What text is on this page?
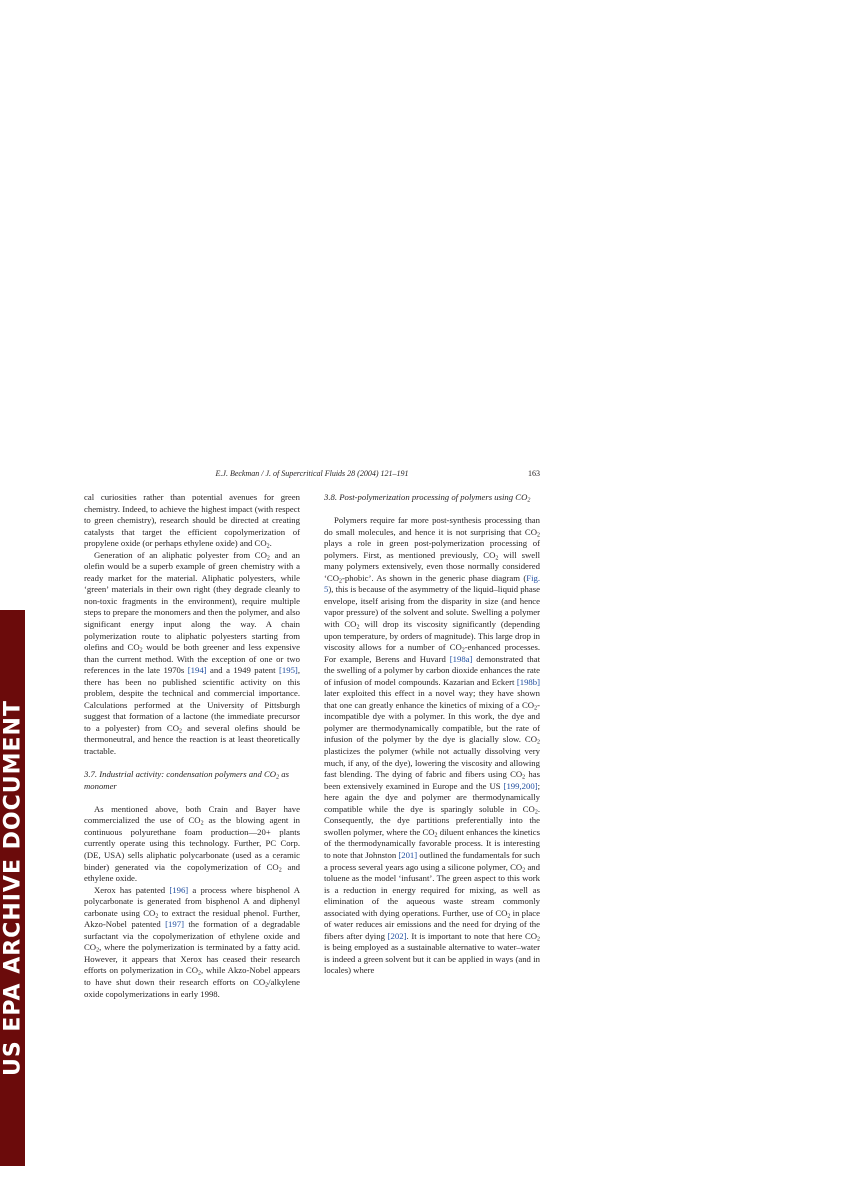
US EPA ARCHIVE DOCUMENT
E.J. Beckman / J. of Supercritical Fluids 28 (2004) 121–191	163

cal curiosities rather than potential avenues for green chemistry. Indeed, to achieve the highest impact (with respect to green chemistry), research should be directed at creating catalysts that target the efficient copolymerization of propylene oxide (or perhaps ethylene oxide) and $CO_2$.

Generation of an aliphatic polyester from $CO_2$ and an olefin would be a superb example of green chemistry with a ready market for the material. Aliphatic polyesters, while ‘green’ materials in their own right (they degrade cleanly to non-toxic fragments in the environment), require multiple steps to prepare the monomers and then the polymer, and also significant energy input along the way. A chain polymerization route to aliphatic polyesters starting from olefins and $CO_2$ would be both greener and less expensive than the current method. With the exception of one or two references in the late 1970s [194] and a 1949 patent [195], there has been no published scientific activity on this problem, despite the technical and commercial importance. Calculations performed at the University of Pittsburgh suggest that formation of a lactone (the immediate precursor to a polyester) from $CO_2$ and several olefins should be thermoneutral, and hence the reaction is at least theoretically tractable.

3.7. Industrial activity: condensation polymers and $CO_2$ as monomer

As mentioned above, both Crain and Bayer have commercialized the use of $CO_2$ as the blowing agent in continuous polyurethane foam production—20+ plants currently operate using this technology. Further, PC Corp. (DE, USA) sells aliphatic polycarbonate (used as a ceramic binder) generated via the copolymerization of $CO_2$ and ethylene oxide.

Xerox has patented [196] a process where bisphenol A polycarbonate is generated from bisphenol A and diphenyl carbonate using $CO_2$ to extract the residual phenol. Further, Akzo-Nobel patented [197] the formation of a degradable surfactant via the copolymerization of ethylene oxide and $CO_2$, where the polymerization is terminated by a fatty acid. However, it appears that Xerox has ceased their research efforts on polymerization in $CO_2$, while Akzo-Nobel appears to have shut down their research efforts on $CO_2$/alkylene oxide copolymerizations in early 1998.

3.8. Post-polymerization processing of polymers using $CO_2$

Polymers require far more post-synthesis processing than do small molecules, and hence it is not surprising that $CO_2$ plays a role in green post-polymerization processing of polymers. First, as mentioned previously, $CO_2$ will swell many polymers extensively, even those normally considered ‘$CO_2$-phobic’. As shown in the generic phase diagram (Fig. 5), this is because of the asymmetry of the liquid–liquid phase envelope, itself arising from the disparity in size (and hence vapor pressure) of the solvent and solute. Swelling a polymer with $CO_2$ will drop its viscosity significantly (depending upon temperature, by orders of magnitude). This large drop in viscosity allows for a number of $CO_2$-enhanced processes. For example, Berens and Huvard [198a] demonstrated that the swelling of a polymer by carbon dioxide enhances the rate of infusion of model compounds. Kazarian and Eckert [198b] later exploited this effect in a novel way; they have shown that one can greatly enhance the kinetics of mixing of a $CO_2$-incompatible dye with a polymer. In this work, the dye and polymer are thermodynamically compatible, but the rate of infusion of the polymer by the dye is glacially slow. $CO_2$ plasticizes the polymer (while not actually dissolving very much, if any, of the dye), lowering the viscosity and allowing fast blending. The dying of fabric and fibers using $CO_2$ has been extensively examined in Europe and the US [199,200]; here again the dye and polymer are thermodynamically compatible while the dye is sparingly soluble in $CO_2$. Consequently, the dye partitions preferentially into the swollen polymer, where the $CO_2$ diluent enhances the kinetics of the thermodynamically favorable process. It is interesting to note that Johnston [201] outlined the fundamentals for such a process several years ago using a silicone polymer, $CO_2$ and toluene as the model ‘infusant’. The green aspect to this work is a reduction in energy required for mixing, as well as elimination of the aqueous waste stream commonly associated with dying operations. Further, use of $CO_2$ in place of water reduces air emissions and the need for drying of the fibers after dying [202]. It is important to note that here $CO_2$ is being employed as a sustainable alternative to water–water is indeed a green solvent but it can be applied in ways (and in locales) where
